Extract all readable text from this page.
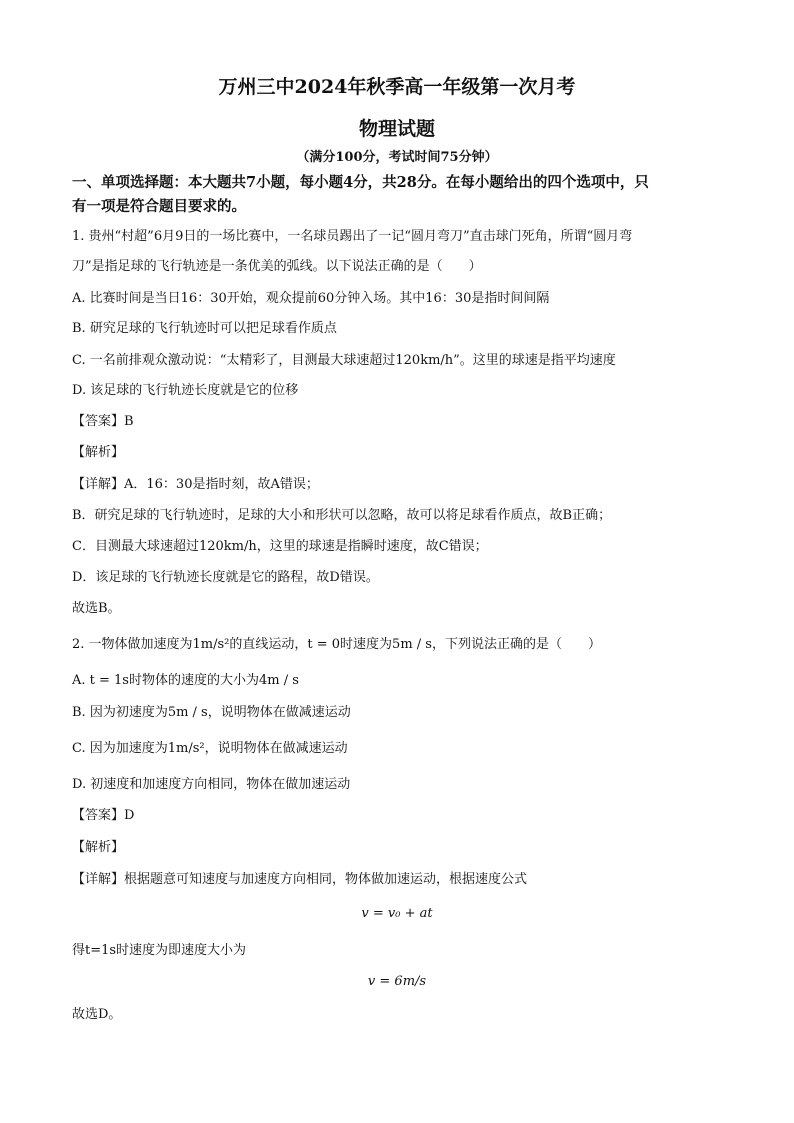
万州三中2024年秋季高一年级第一次月考
物理试题
（满分100分，考试时间75分钟）
一、单项选择题：本大题共7小题，每小题4分，共28分。在每小题给出的四个选项中，只
有一项是符合题目要求的。
1. 贵州“村超”6月9日的一场比赛中，一名球员踢出了一记“圆月弯刀”直击球门死角，所谓“圆月弯
刀”是指足球的飞行轨迹是一条优美的弧线。以下说法正确的是（　　）
A. 比赛时间是当日16：30开始，观众提前60分钟入场。其中16：30是指时间间隔
B. 研究足球的飞行轨迹时可以把足球看作质点
C. 一名前排观众激动说：“太精彩了，目测最大球速超过120km/h”。这里的球速是指平均速度
D. 该足球的飞行轨迹长度就是它的位移
【答案】B
【解析】
【详解】A．16：30是指时刻，故A错误；
B．研究足球的飞行轨迹时，足球的大小和形状可以忽略，故可以将足球看作质点，故B正确；
C．目测最大球速超过120km/h，这里的球速是指瞬时速度，故C错误；
D．该足球的飞行轨迹长度就是它的路程，故D错误。
故选B。
2. 一物体做加速度为1m/s²的直线运动，t = 0时速度为5m / s，下列说法正确的是（　　）
A. t = 1s时物体的速度的大小为4m / s
B. 因为初速度为5m / s，说明物体在做减速运动
C. 因为加速度为1m/s²，说明物体在做减速运动
D. 初速度和加速度方向相同，物体在做加速运动
【答案】D
【解析】
【详解】根据题意可知速度与加速度方向相同，物体做加速运动，根据速度公式
v = v₀ + at
得t=1s时速度为即速度大小为
v = 6m/s
故选D。
